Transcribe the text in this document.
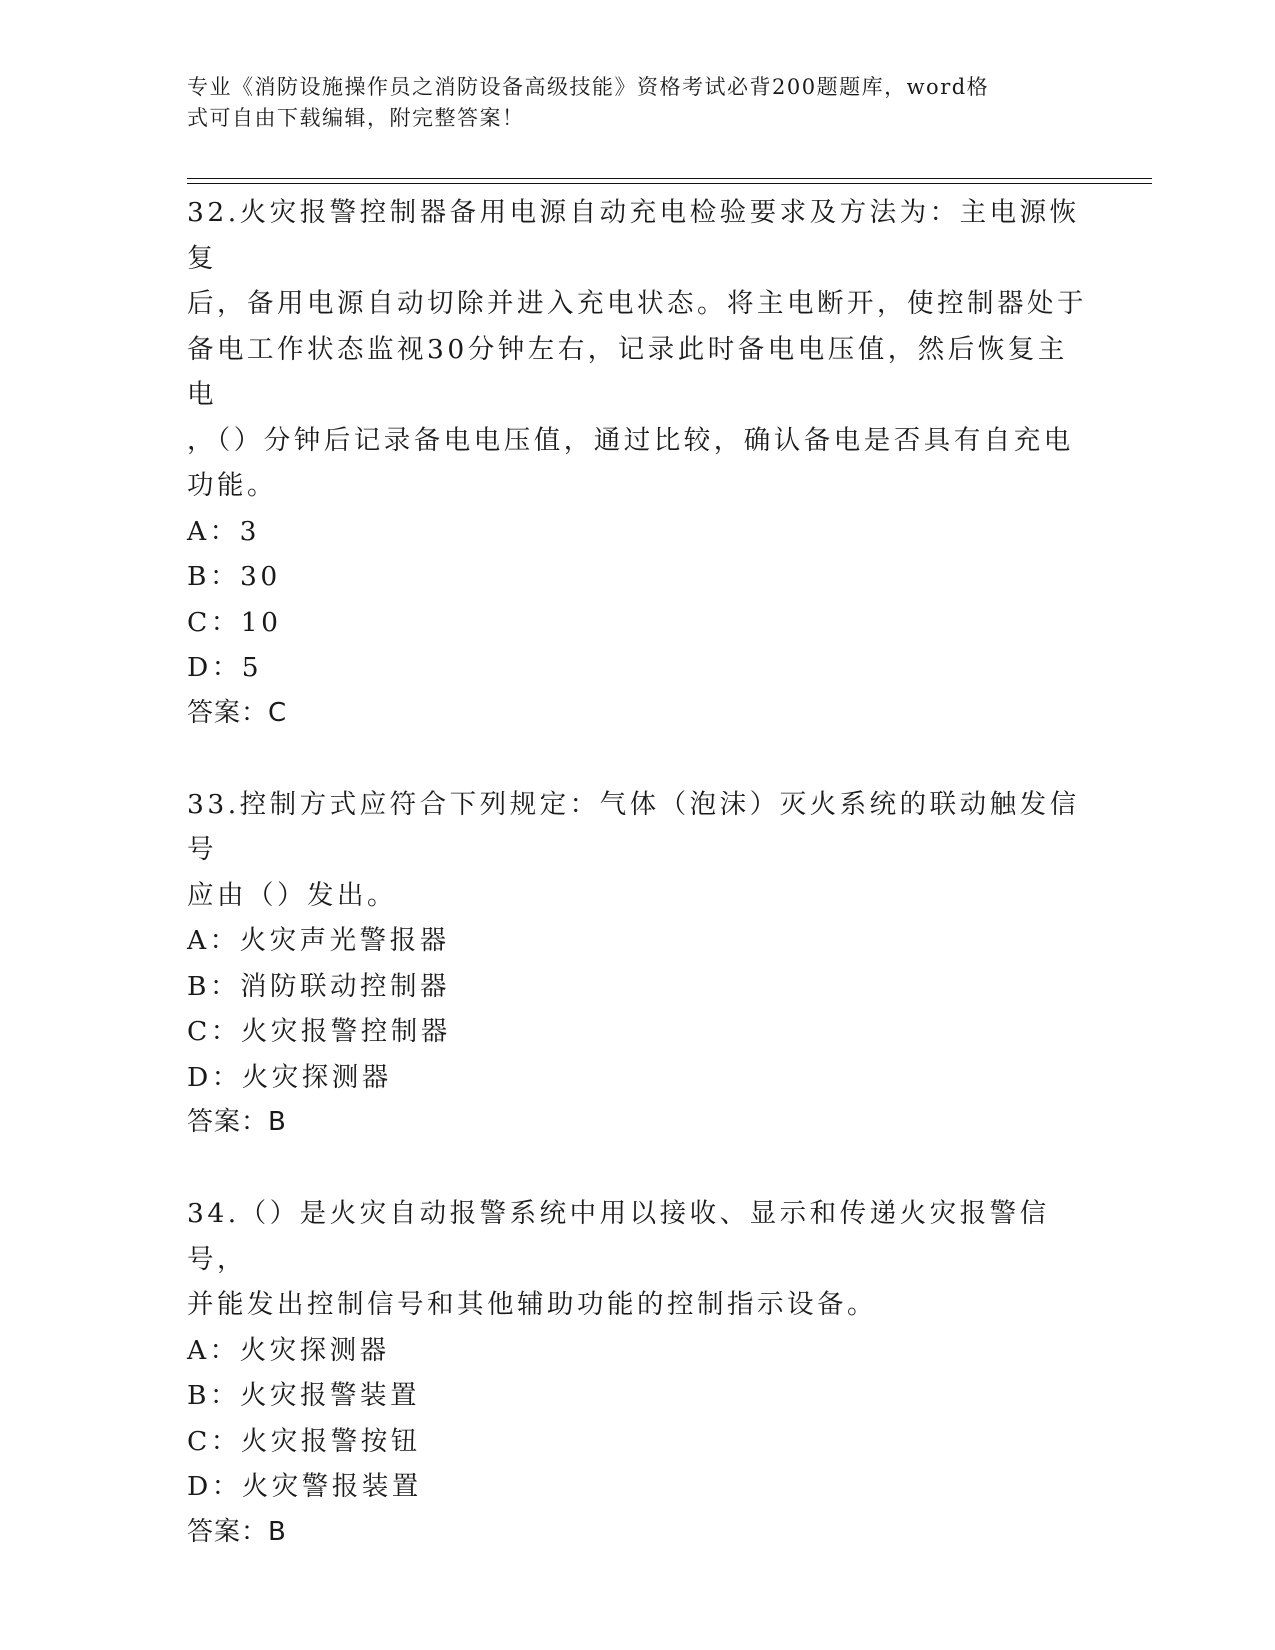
专业《消防设施操作员之消防设备高级技能》资格考试必背200题题库，word格
式可自由下载编辑，附完整答案！
32.火灾报警控制器备用电源自动充电检验要求及方法为：主电源恢复
后，备用电源自动切除并进入充电状态。将主电断开，使控制器处于
备电工作状态监视30分钟左右，记录此时备电电压值，然后恢复主电
，（）分钟后记录备电电压值，通过比较，确认备电是否具有自充电
功能。
A：3
B：30
C：10
D：5
答案：C
33.控制方式应符合下列规定：气体（泡沫）灭火系统的联动触发信号
应由（）发出。
A：火灾声光警报器
B：消防联动控制器
C：火灾报警控制器
D：火灾探测器
答案：B
34.（）是火灾自动报警系统中用以接收、显示和传递火灾报警信号，
并能发出控制信号和其他辅助功能的控制指示设备。
A：火灾探测器
B：火灾报警装置
C：火灾报警按钮
D：火灾警报装置
答案：B
